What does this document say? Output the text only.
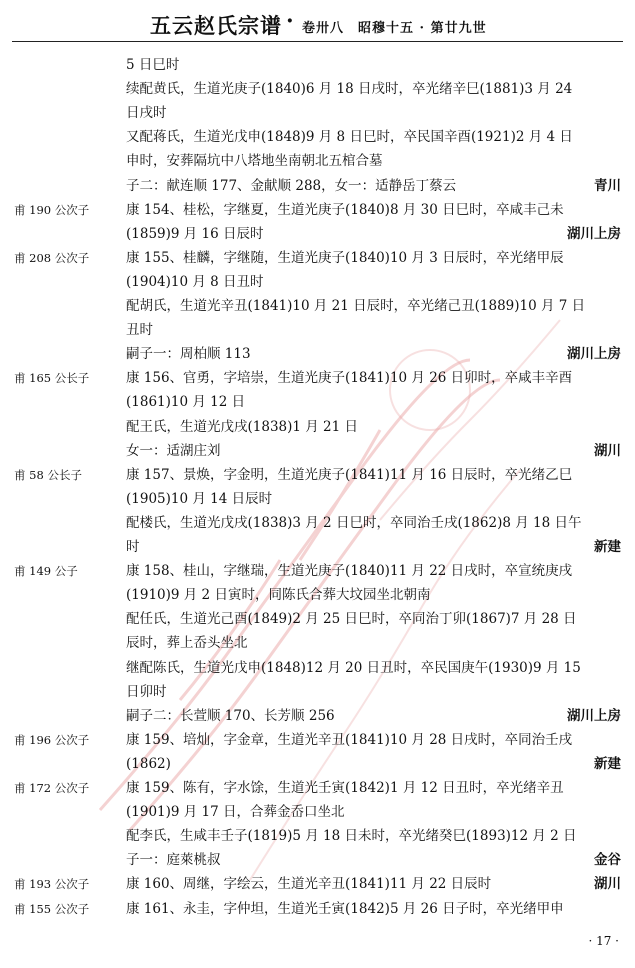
五云赵氏宗谱 · 卷卅八　昭穆十五 · 第廿九世
5 日巳时
续配黄氏，生道光庚子(1840)6 月 18 日戌时，卒光绪辛巳(1881)3 月 24
日戌时
又配蒋氏，生道光戊申(1848)9 月 8 日巳时，卒民国辛酉(1921)2 月 4 日
申时，安葬隔坑中八塔地坐南朝北五棺合墓
子二：献连顺 177、金献顺 288，女一：适静岳丁蔡云	青川
甫 190 公次子	康 154、桂松，字继夏，生道光庚子(1840)8 月 30 日巳时，卒咸丰己未
(1859)9 月 16 日辰时	湖川上房
甫 208 公次子	康 155、桂麟，字继随，生道光庚子(1840)10 月 3 日辰时，卒光绪甲辰
(1904)10 月 8 日丑时
配胡氏，生道光辛丑(1841)10 月 21 日辰时，卒光绪己丑(1889)10 月 7 日
丑时
嗣子一：周柏顺 113	湖川上房
甫 165 公长子	康 156、官勇，字培崇，生道光庚子(1841)10 月 26 日卯时，卒咸丰辛酉
(1861)10 月 12 日
配王氏，生道光戊戌(1838)1 月 21 日
女一：适湖庄刘	湖川
甫 58 公长子	康 157、景焕，字金明，生道光庚子(1841)11 月 16 日辰时，卒光绪乙巳
(1905)10 月 14 日辰时
配楼氏，生道光戊戌(1838)3 月 2 日巳时，卒同治壬戌(1862)8 月 18 日午
时	新建
甫 149 公子	康 158、桂山，字继瑞，生道光庚子(1840)11 月 22 日戌时，卒宣统庚戌
(1910)9 月 2 日寅时，同陈氏合葬大坟园坐北朝南
配任氏，生道光己酉(1849)2 月 25 日巳时，卒同治丁卯(1867)7 月 28 日
辰时，葬上岙头坐北
继配陈氏，生道光戊申(1848)12 月 20 日丑时，卒民国庚午(1930)9 月 15
日卯时
嗣子二：长萱顺 170、长芳顺 256	湖川上房
甫 196 公次子	康 159、培灿，字金章，生道光辛丑(1841)10 月 28 日戌时，卒同治壬戌
(1862)	新建
甫 172 公次子	康 159、陈有，字水馀，生道光壬寅(1842)1 月 12 日丑时，卒光绪辛丑
(1901)9 月 17 日，合葬金岙口坐北
配李氏，生咸丰壬子(1819)5 月 18 日未时，卒光绪癸巳(1893)12 月 2 日
子一：庭萊桃叔	金谷
甫 193 公次子	康 160、周继，字绘云，生道光辛丑(1841)11 月 22 日辰时	湖川
甫 155 公次子	康 161、永圭，字仲坦，生道光壬寅(1842)5 月 26 日子时，卒光绪甲申
· 17 ·
